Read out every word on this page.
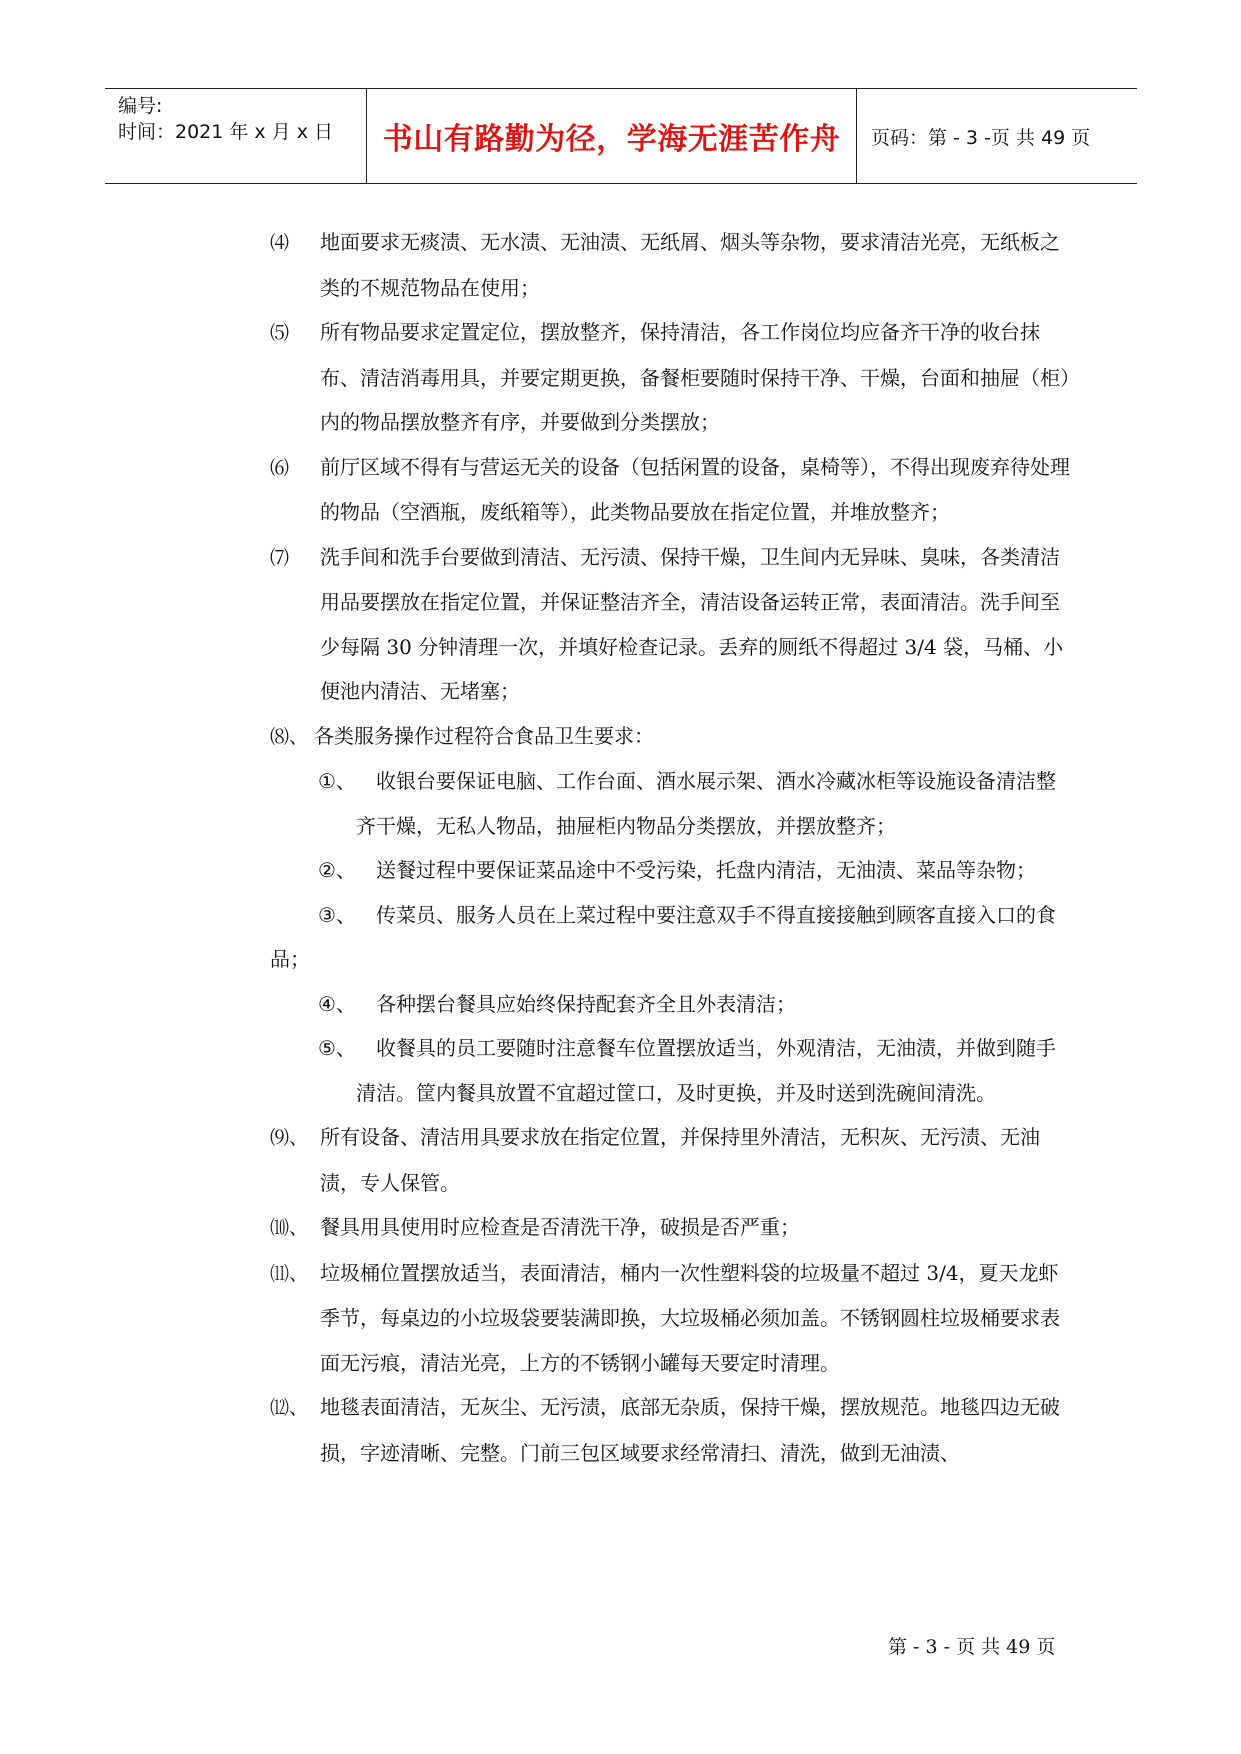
编号:
时间：2021 年 x 月 x 日	书山有路勤为径，学海无涯苦作舟 页码：第 - 3 -页 共 49 页
⑷ 地面要求无痰渍、无水渍、无油渍、无纸屑、烟头等杂物，要求清洁光亮，无纸板之类的不规范物品在使用；
⑸ 所有物品要求定置定位，摆放整齐，保持清洁，各工作岗位均应备齐干净的收台抹布、清洁消毒用具，并要定期更换，备餐柜要随时保持干净、干燥，台面和抽屉（柜）内的物品摆放整齐有序，并要做到分类摆放；
⑹ 前厅区域不得有与营运无关的设备（包括闲置的设备，桌椅等），不得出现废弃待处理的物品（空酒瓶，废纸箱等），此类物品要放在指定位置，并堆放整齐；
⑺ 洗手间和洗手台要做到清洁、无污渍、保持干燥，卫生间内无异味、臭味，各类清洁用品要摆放在指定位置，并保证整洁齐全，清洁设备运转正常，表面清洁。洗手间至少每隔 30 分钟清理一次，并填好检查记录。丢弃的厕纸不得超过 3/4 袋，马桶、小便池内清洁、无堵塞；
⑻、 各类服务操作过程符合食品卫生要求：
①、 收银台要保证电脑、工作台面、酒水展示架、酒水冷藏冰柜等设施设备清洁整齐干燥，无私人物品，抽屉柜内物品分类摆放，并摆放整齐；
②、 送餐过程中要保证菜品途中不受污染，托盘内清洁，无油渍、菜品等杂物；
③、 传菜员、服务人员在上菜过程中要注意双手不得直接接触到顾客直接入口的食品；
④、 各种摆台餐具应始终保持配套齐全且外表清洁；
⑤、 收餐具的员工要随时注意餐车位置摆放适当，外观清洁，无油渍，并做到随手清洁。筐内餐具放置不宜超过筐口，及时更换，并及时送到洗碗间清洗。
⑼、 所有设备、清洁用具要求放在指定位置，并保持里外清洁，无积灰、无污渍、无油渍，专人保管。
⑽、 餐具用具使用时应检查是否清洗干净，破损是否严重；
⑾、 垃圾桶位置摆放适当，表面清洁，桶内一次性塑料袋的垃圾量不超过 3/4，夏天龙虾季节，每桌边的小垃圾袋要装满即换，大垃圾桶必须加盖。不锈钢圆柱垃圾桶要求表面无污痕，清洁光亮，上方的不锈钢小罐每天要定时清理。
⑿、 地毯表面清洁，无灰尘、无污渍，底部无杂质，保持干燥，摆放规范。地毯四边无破损，字迹清晰、完整。门前三包区域要求经常清扫、清洗，做到无油渍、
第 - 3 - 页 共 49 页
